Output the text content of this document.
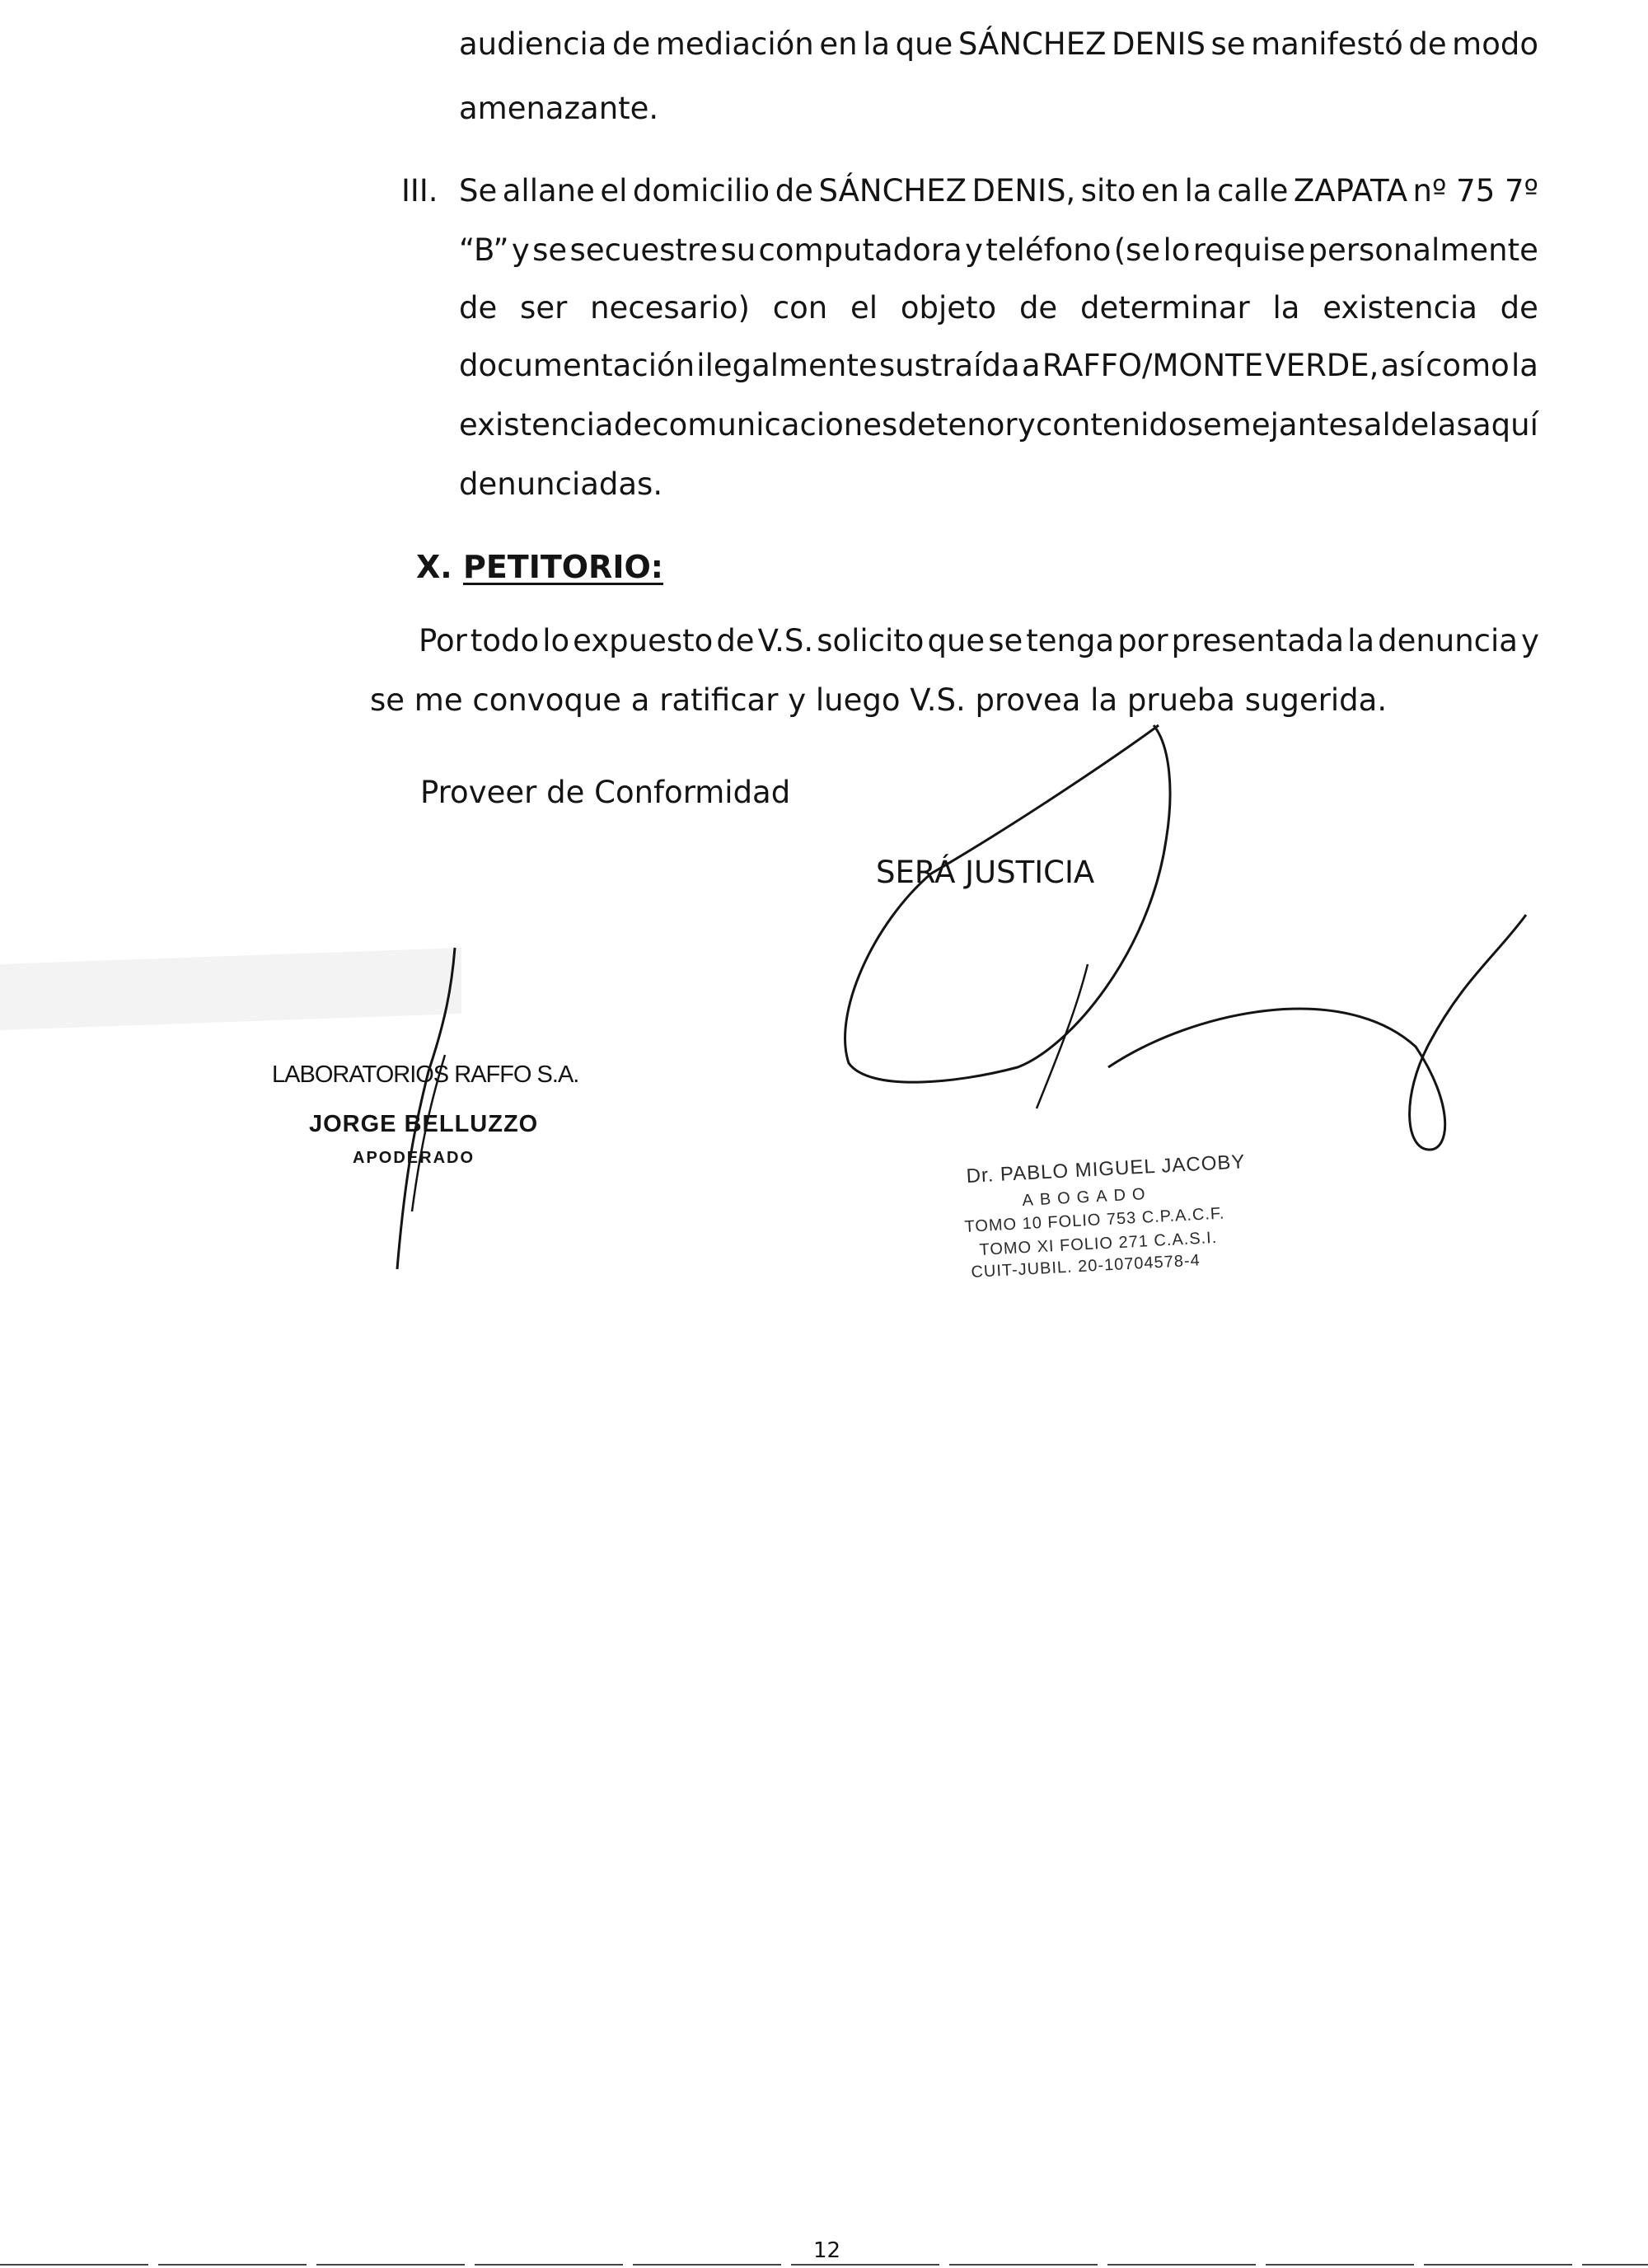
audiencia de mediación en la que SÁNCHEZ DENIS se manifestó de modo
amenazante.
III. Se allane el domicilio de SÁNCHEZ DENIS, sito en la calle ZAPATA nº 75 7º
“B” y se secuestre su computadora y teléfono (se lo requise personalmente
de ser necesario) con el objeto de determinar la existencia de
documentación ilegalmente sustraída a RAFFO/MONTE VERDE, así como la
existencia de comunicaciones de tenor y contenido semejantes al de las aquí
denunciadas.
X. PETITORIO:
Por todo lo expuesto de V.S. solicito que se tenga por presentada la denuncia y
se me convoque a ratificar y luego V.S. provea la prueba sugerida.
Proveer de Conformidad
SERÁ JUSTICIA
LABORATORIOS RAFFO S.A.
JORGE BELLUZZO
APODERADO	Dr. PABLO MIGUEL JACOBY
ABOGADO
TOMO 10 FOLIO 753 C.P.A.C.F.
TOMO XI FOLIO 271 C.A.S.I.
CUIT-JUBIL. 20-10704578-4
12
